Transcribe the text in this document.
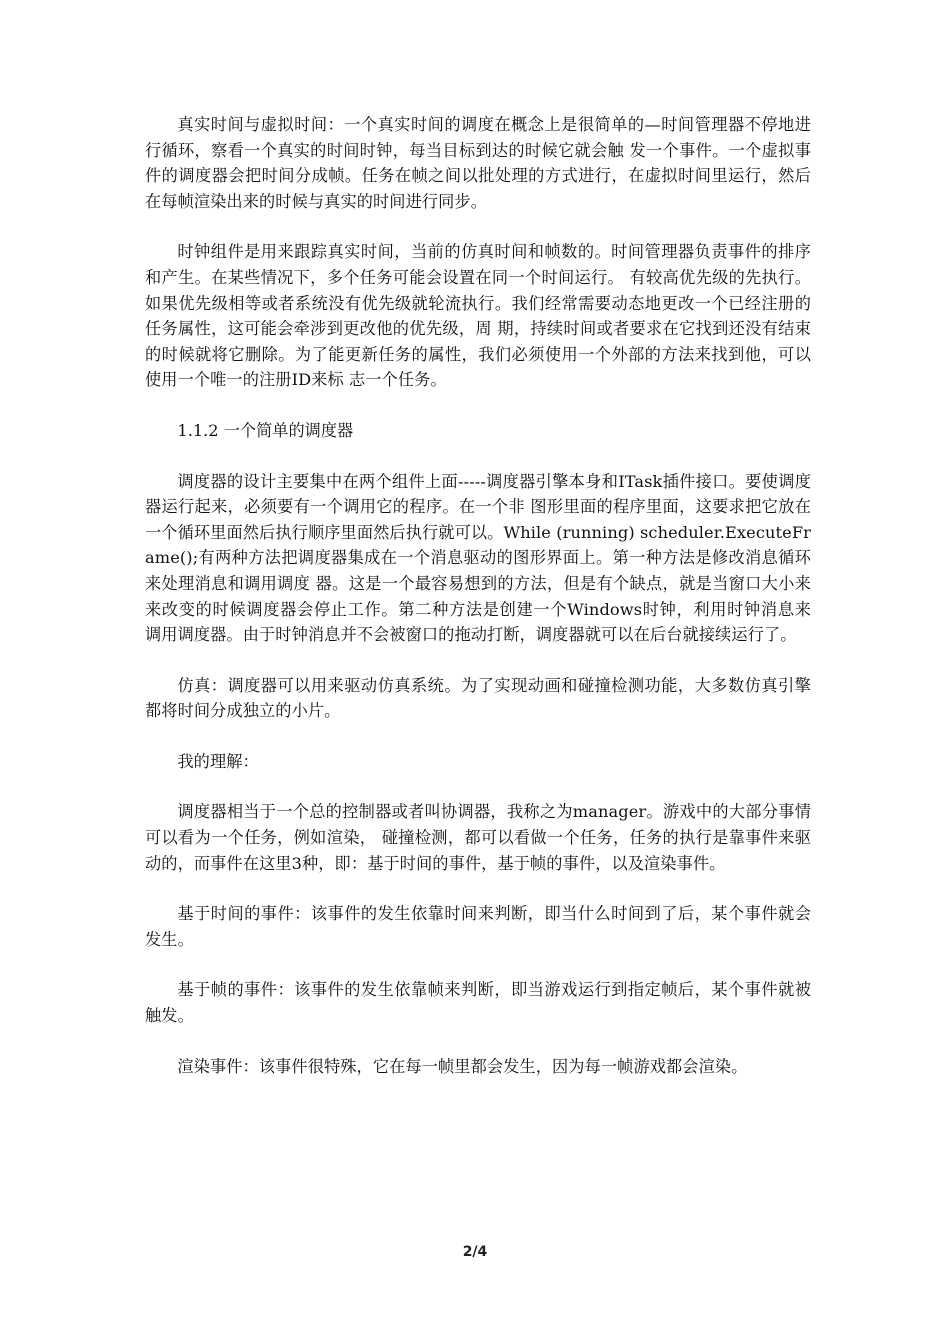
真实时间与虚拟时间：一个真实时间的调度在概念上是很简单的—时间管理器不停地进行循环，察看一个真实的时间时钟，每当目标到达的时候它就会触 发一个事件。一个虚拟事件的调度器会把时间分成帧。任务在帧之间以批处理的方式进行，在虚拟时间里运行，然后在每帧渲染出来的时候与真实的时间进行同步。

时钟组件是用来跟踪真实时间，当前的仿真时间和帧数的。时间管理器负责事件的排序和产生。在某些情况下，多个任务可能会设置在同一个时间运行。 有较高优先级的先执行。如果优先级相等或者系统没有优先级就轮流执行。我们经常需要动态地更改一个已经注册的任务属性，这可能会牵涉到更改他的优先级，周 期，持续时间或者要求在它找到还没有结束的时候就将它删除。为了能更新任务的属性，我们必须使用一个外部的方法来找到他，可以使用一个唯一的注册ID来标 志一个任务。

1.1.2 一个简单的调度器

调度器的设计主要集中在两个组件上面-----调度器引擎本身和ITask插件接口。要使调度器运行起来，必须要有一个调用它的程序。在一个非 图形里面的程序里面，这要求把它放在一个循环里面然后执行顺序里面然后执行就可以。While (running) scheduler.ExecuteFrame();有两种方法把调度器集成在一个消息驱动的图形界面上。第一种方法是修改消息循环来处理消息和调用调度 器。这是一个最容易想到的方法，但是有个缺点，就是当窗口大小来来改变的时候调度器会停止工作。第二种方法是创建一个Windows时钟，利用时钟消息来 调用调度器。由于时钟消息并不会被窗口的拖动打断，调度器就可以在后台就接续运行了。

仿真：调度器可以用来驱动仿真系统。为了实现动画和碰撞检测功能，大多数仿真引擎都将时间分成独立的小片。

我的理解：

调度器相当于一个总的控制器或者叫协调器，我称之为manager。游戏中的大部分事情可以看为一个任务，例如渲染， 碰撞检测，都可以看做一个任务，任务的执行是靠事件来驱动的，而事件在这里3种，即：基于时间的事件，基于帧的事件，以及渲染事件。

基于时间的事件：该事件的发生依靠时间来判断，即当什么时间到了后，某个事件就会发生。

基于帧的事件：该事件的发生依靠帧来判断，即当游戏运行到指定帧后，某个事件就被触发。

渲染事件：该事件很特殊，它在每一帧里都会发生，因为每一帧游戏都会渲染。

2/4
